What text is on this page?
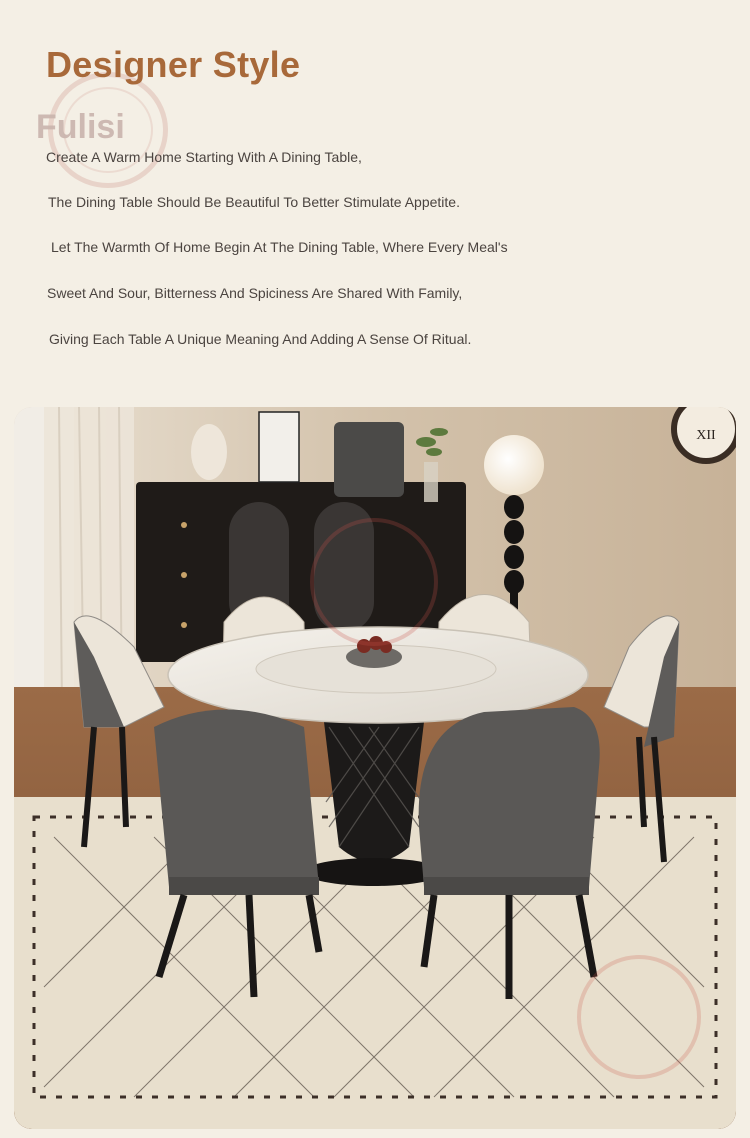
Designer Style
Fulisi
Create A Warm Home Starting With A Dining Table,
The Dining Table Should Be Beautiful To Better Stimulate Appetite.
Let The Warmth Of Home Begin At The Dining Table, Where Every Meal's
Sweet And Sour, Bitterness And Spiciness Are Shared With Family,
Giving Each Table A Unique Meaning And Adding A Sense Of Ritual.
XII
